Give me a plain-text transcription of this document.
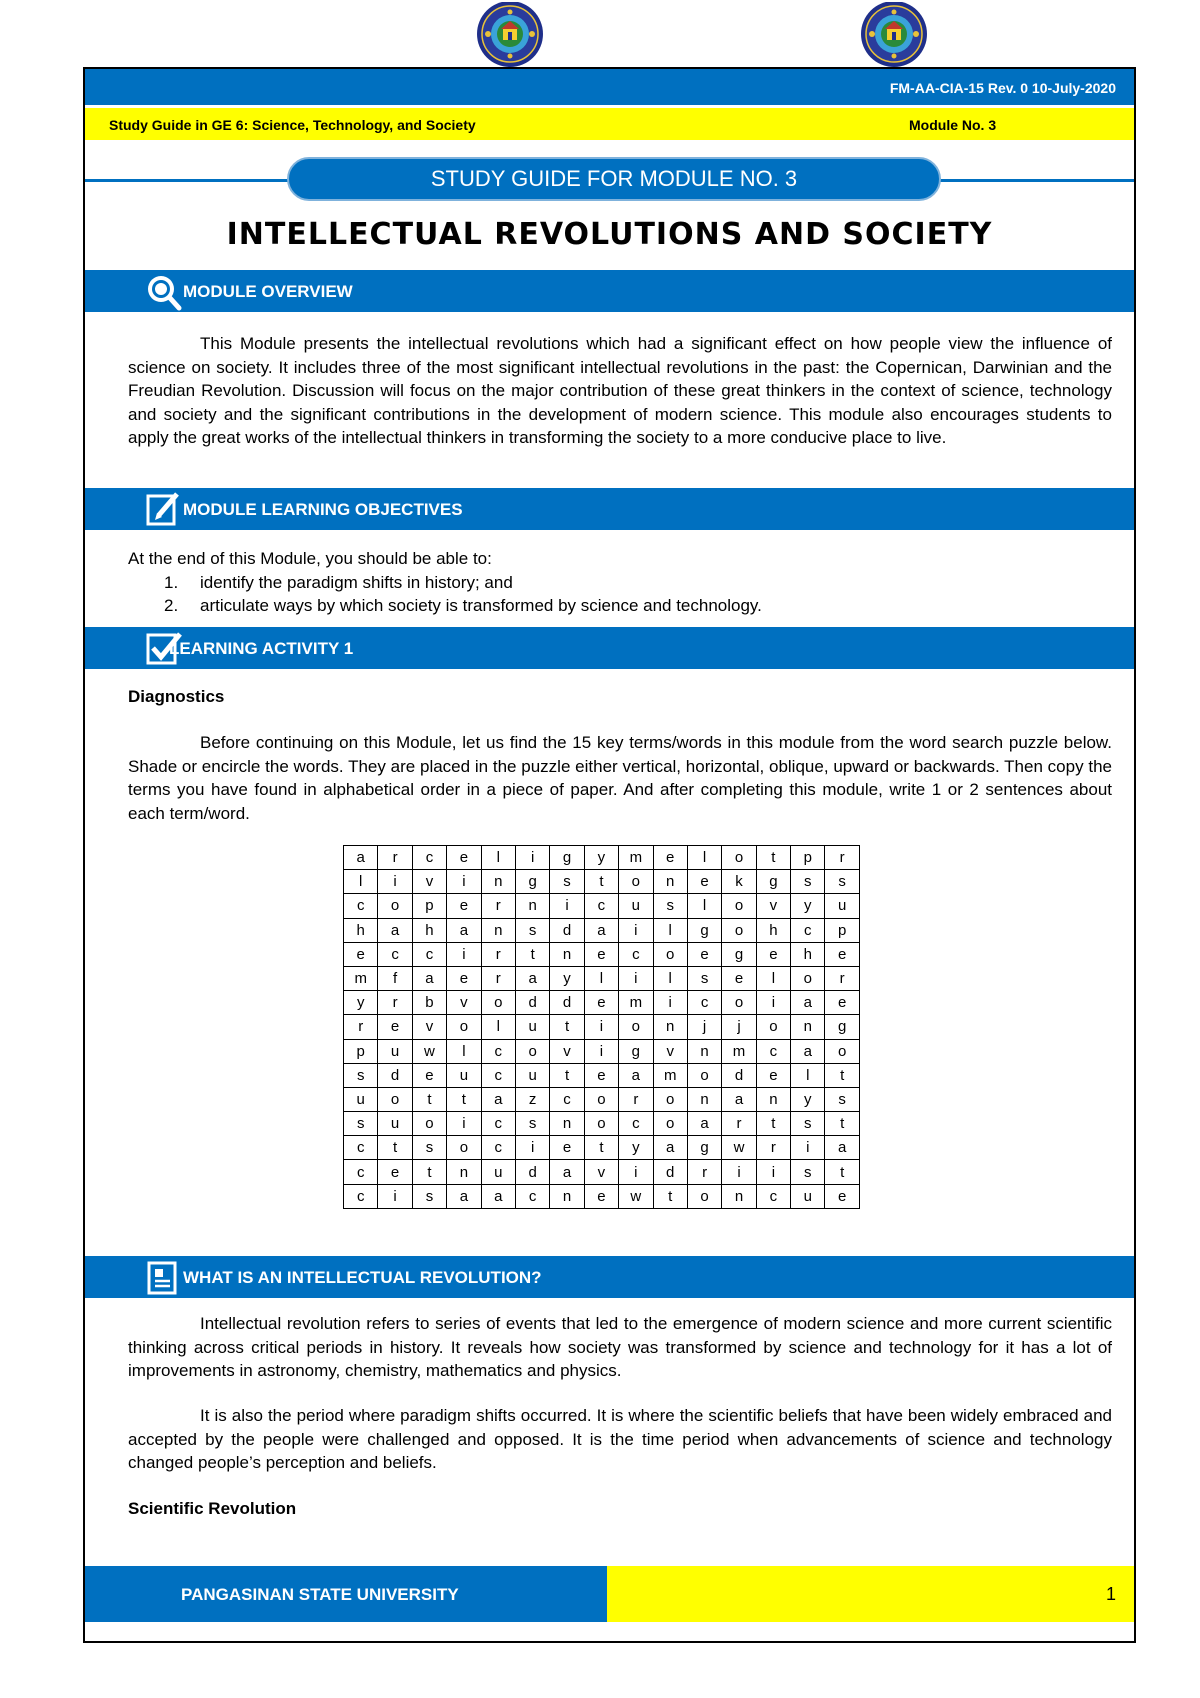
FM-AA-CIA-15 Rev. 0 10-July-2020
Study Guide in GE 6: Science, Technology, and Society	Module No. 3
STUDY GUIDE FOR MODULE NO. 3
INTELLECTUAL REVOLUTIONS AND SOCIETY
MODULE OVERVIEW
This Module presents the intellectual revolutions which had a significant effect on how people view the influence of science on society. It includes three of the most significant intellectual revolutions in the past: the Copernican, Darwinian and the Freudian Revolution. Discussion will focus on the major contribution of these great thinkers in the context of science, technology and society and the significant contributions in the development of modern science. This module also encourages students to apply the great works of the intellectual thinkers in transforming the society to a more conducive place to live.
MODULE LEARNING OBJECTIVES
At the end of this Module, you should be able to:
1. identify the paradigm shifts in history; and
2. articulate ways by which society is transformed by science and technology.
LEARNING ACTIVITY 1
Diagnostics
Before continuing on this Module, let us find the 15 key terms/words in this module from the word search puzzle below. Shade or encircle the words. They are placed in the puzzle either vertical, horizontal, oblique, upward or backwards. Then copy the terms you have found in alphabetical order in a piece of paper. And after completing this module, write 1 or 2 sentences about each term/word.
a	r	c	e	l	i	g	y	m	e	l	o	t	p	r
l	i	v	i	n	g	s	t	o	n	e	k	g	s	s
c	o	p	e	r	n	i	c	u	s	l	o	v	y	u
h	a	h	a	n	s	d	a	i	l	g	o	h	c	p
e	c	c	i	r	t	n	e	c	o	e	g	e	h	e
m	f	a	e	r	a	y	l	i	l	s	e	l	o	r
y	r	b	v	o	d	d	e	m	i	c	o	i	a	e
r	e	v	o	l	u	t	i	o	n	j	j	o	n	g
p	u	w	l	c	o	v	i	g	v	n	m	c	a	o
s	d	e	u	c	u	t	e	a	m	o	d	e	l	t
u	o	t	t	a	z	c	o	r	o	n	a	n	y	s
s	u	o	i	c	s	n	o	c	o	a	r	t	s	t
c	t	s	o	c	i	e	t	y	a	g	w	r	i	a
c	e	t	n	u	d	a	v	i	d	r	i	i	s	t
c	i	s	a	a	c	n	e	w	t	o	n	c	u	e
WHAT IS AN INTELLECTUAL REVOLUTION?
Intellectual revolution refers to series of events that led to the emergence of modern science and more current scientific thinking across critical periods in history. It reveals how society was transformed by science and technology for it has a lot of improvements in astronomy, chemistry, mathematics and physics.
It is also the period where paradigm shifts occurred. It is where the scientific beliefs that have been widely embraced and accepted by the people were challenged and opposed. It is the time period when advancements of science and technology changed people’s perception and beliefs.
Scientific Revolution
PANGASINAN STATE UNIVERSITY	1
